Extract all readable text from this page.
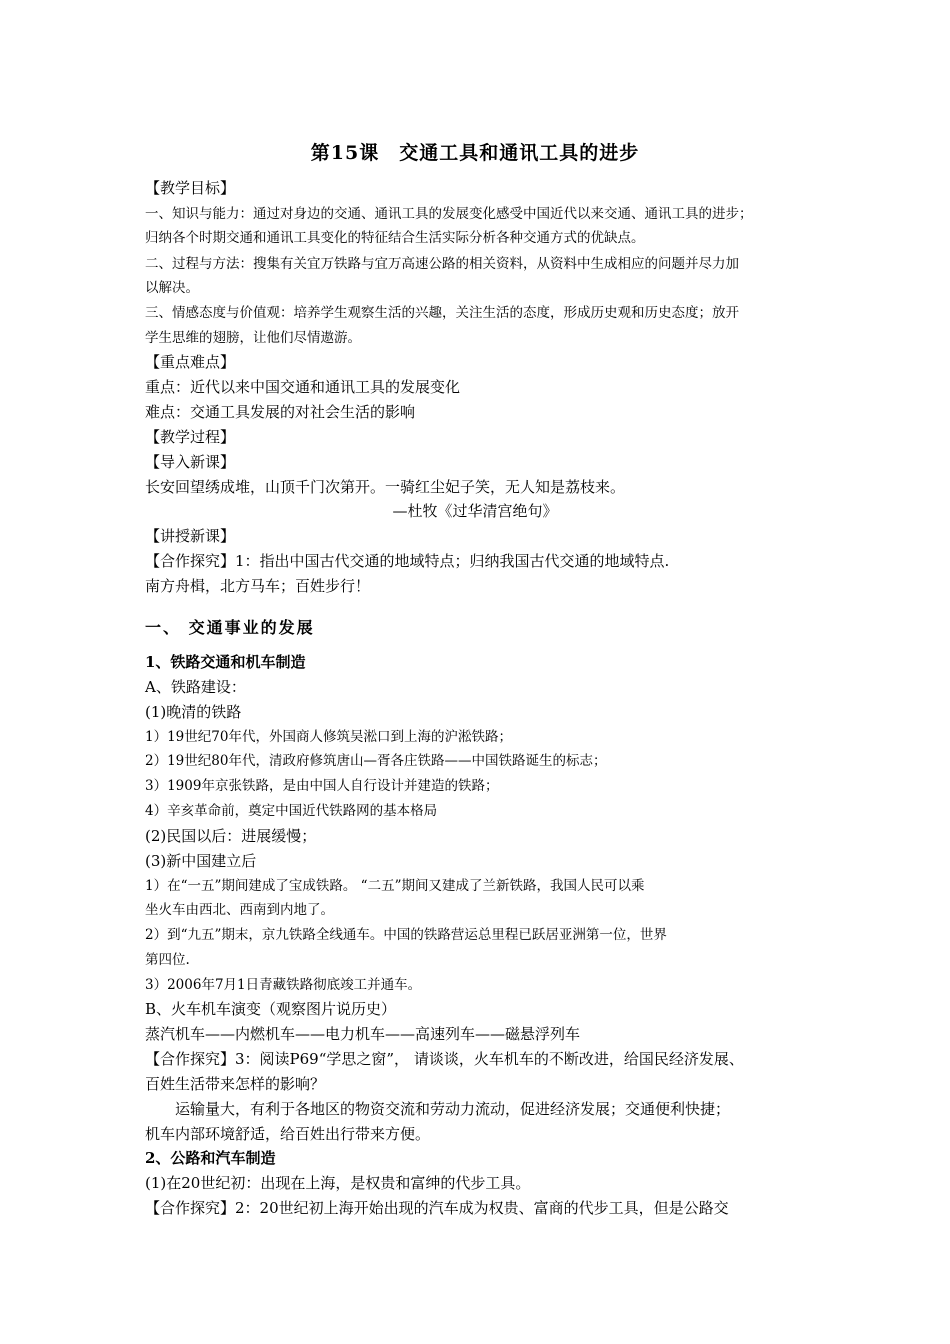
第15课　交通工具和通讯工具的进步
【教学目标】
一、知识与能力：通过对身边的交通、通讯工具的发展变化感受中国近代以来交通、通讯工具的进步；
归纳各个时期交通和通讯工具变化的特征结合生活实际分析各种交通方式的优缺点。
二、过程与方法：搜集有关宜万铁路与宜万高速公路的相关资料，从资料中生成相应的问题并尽力加
以解决。
三、情感态度与价值观：培养学生观察生活的兴趣，关注生活的态度，形成历史观和历史态度；放开
学生思维的翅膀，让他们尽情遨游。
【重点难点】
重点：近代以来中国交通和通讯工具的发展变化
难点：交通工具发展的对社会生活的影响
【教学过程】
【导入新课】
长安回望绣成堆，山顶千门次第开。一骑红尘妃子笑，无人知是荔枝来。
—杜牧《过华清宫绝句》
【讲授新课】
【合作探究】1：指出中国古代交通的地域特点；归纳我国古代交通的地域特点.
南方舟楫，北方马车；百姓步行！
一、 交通事业的发展
1、铁路交通和机车制造
A、铁路建设：
(1)晚清的铁路
1）19世纪70年代，外国商人修筑吴淞口到上海的沪淞铁路；
2）19世纪80年代，清政府修筑唐山—胥各庄铁路——中国铁路诞生的标志；
3）1909年京张铁路，是由中国人自行设计并建造的铁路；
4）辛亥革命前，奠定中国近代铁路网的基本格局
(2)民国以后：进展缓慢；
(3)新中国建立后
1）在“一五”期间建成了宝成铁路。 “二五”期间又建成了兰新铁路，我国人民可以乘
坐火车由西北、西南到内地了。
2）到“九五”期末，京九铁路全线通车。中国的铁路营运总里程已跃居亚洲第一位，世界
第四位.
3）2006年7月1日青藏铁路彻底竣工并通车。
B、火车机车演变（观察图片说历史）
蒸汽机车——内燃机车——电力机车——高速列车——磁悬浮列车
【合作探究】3：阅读P69“学思之窗”， 请谈谈，火车机车的不断改进，给国民经济发展、
百姓生活带来怎样的影响？
　　运输量大，有利于各地区的物资交流和劳动力流动，促进经济发展；交通便利快捷；
机车内部环境舒适，给百姓出行带来方便。
2、公路和汽车制造
(1)在20世纪初：出现在上海，是权贵和富绅的代步工具。
【合作探究】2：20世纪初上海开始出现的汽车成为权贵、富商的代步工具，但是公路交
